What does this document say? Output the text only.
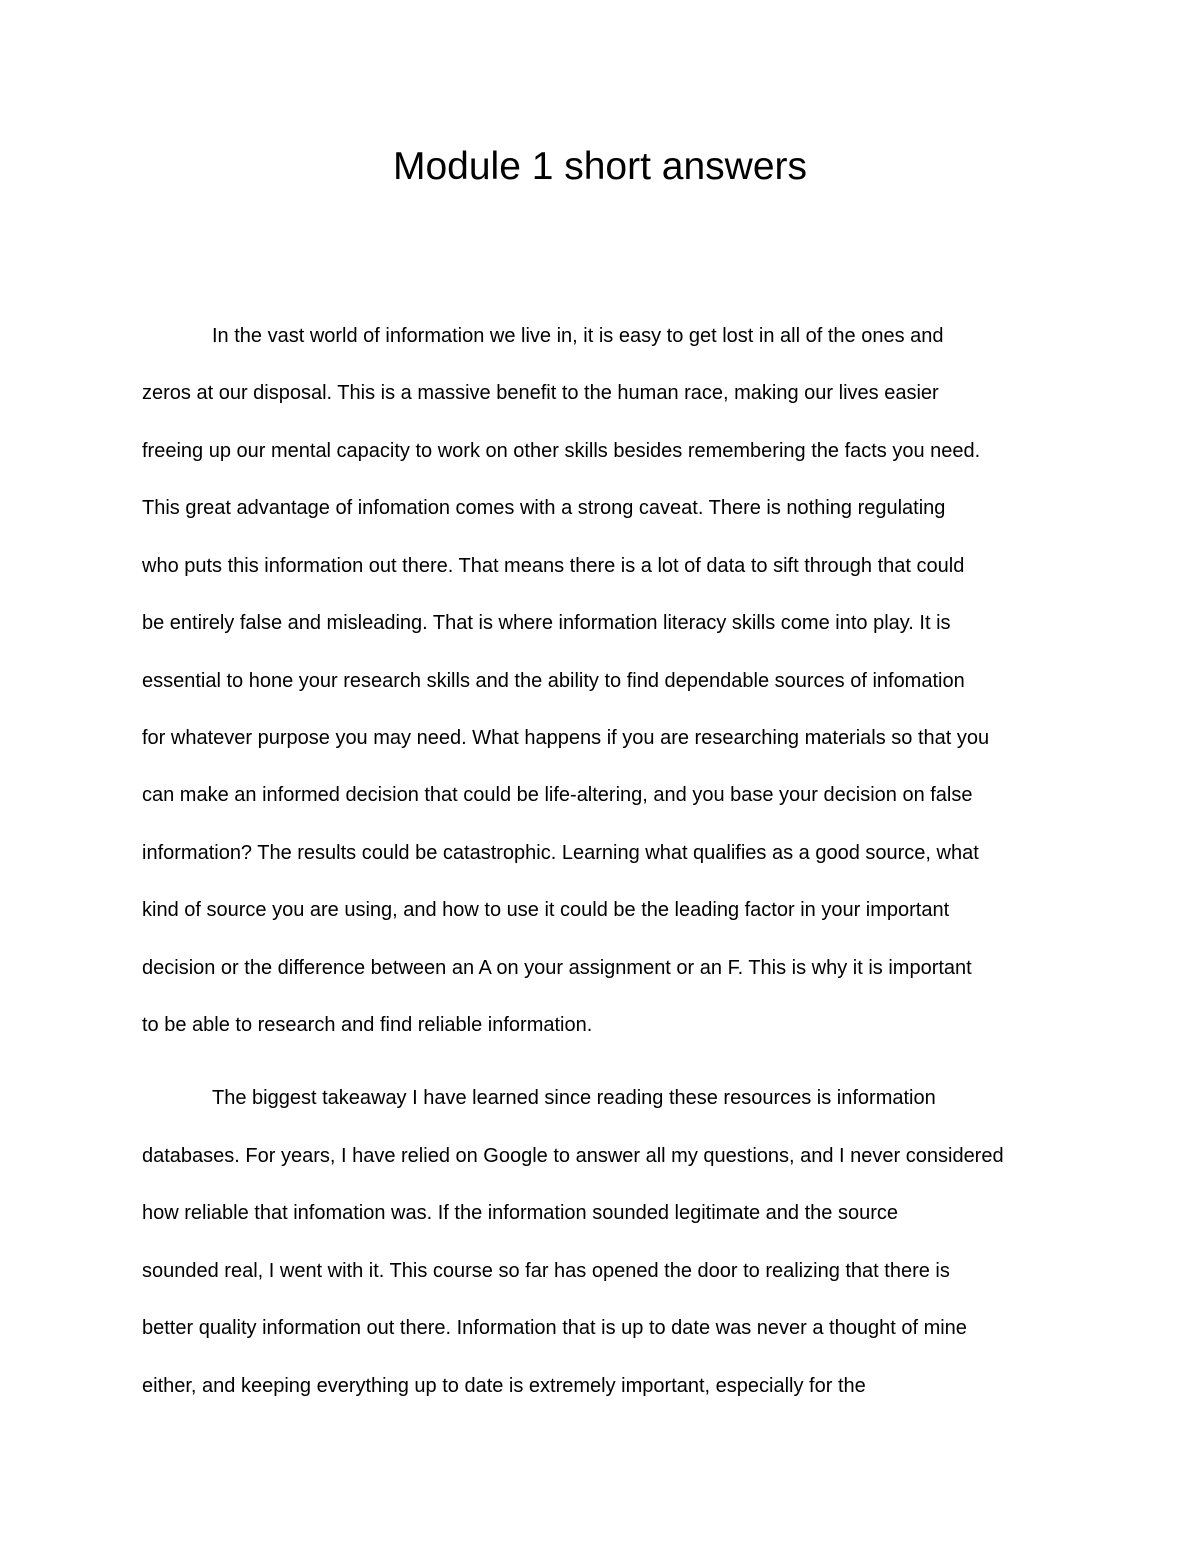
Module 1 short answers
In the vast world of information we live in, it is easy to get lost in all of the ones and
zeros at our disposal. This is a massive benefit to the human race, making our lives easier
freeing up our mental capacity to work on other skills besides remembering the facts you need.
This great advantage of infomation comes with a strong caveat. There is nothing regulating
who puts this information out there. That means there is a lot of data to sift through that could
be entirely false and misleading. That is where information literacy skills come into play. It is
essential to hone your research skills and the ability to find dependable sources of infomation
for whatever purpose you may need. What happens if you are researching materials so that you
can make an informed decision that could be life-altering, and you base your decision on false
information? The results could be catastrophic. Learning what qualifies as a good source, what
kind of source you are using, and how to use it could be the leading factor in your important
decision or the difference between an A on your assignment or an F. This is why it is important
to be able to research and find reliable information.
The biggest takeaway I have learned since reading these resources is information
databases. For years, I have relied on Google to answer all my questions, and I never considered
how reliable that infomation was. If the information sounded legitimate and the source
sounded real, I went with it. This course so far has opened the door to realizing that there is
better quality information out there. Information that is up to date was never a thought of mine
either, and keeping everything up to date is extremely important, especially for the
